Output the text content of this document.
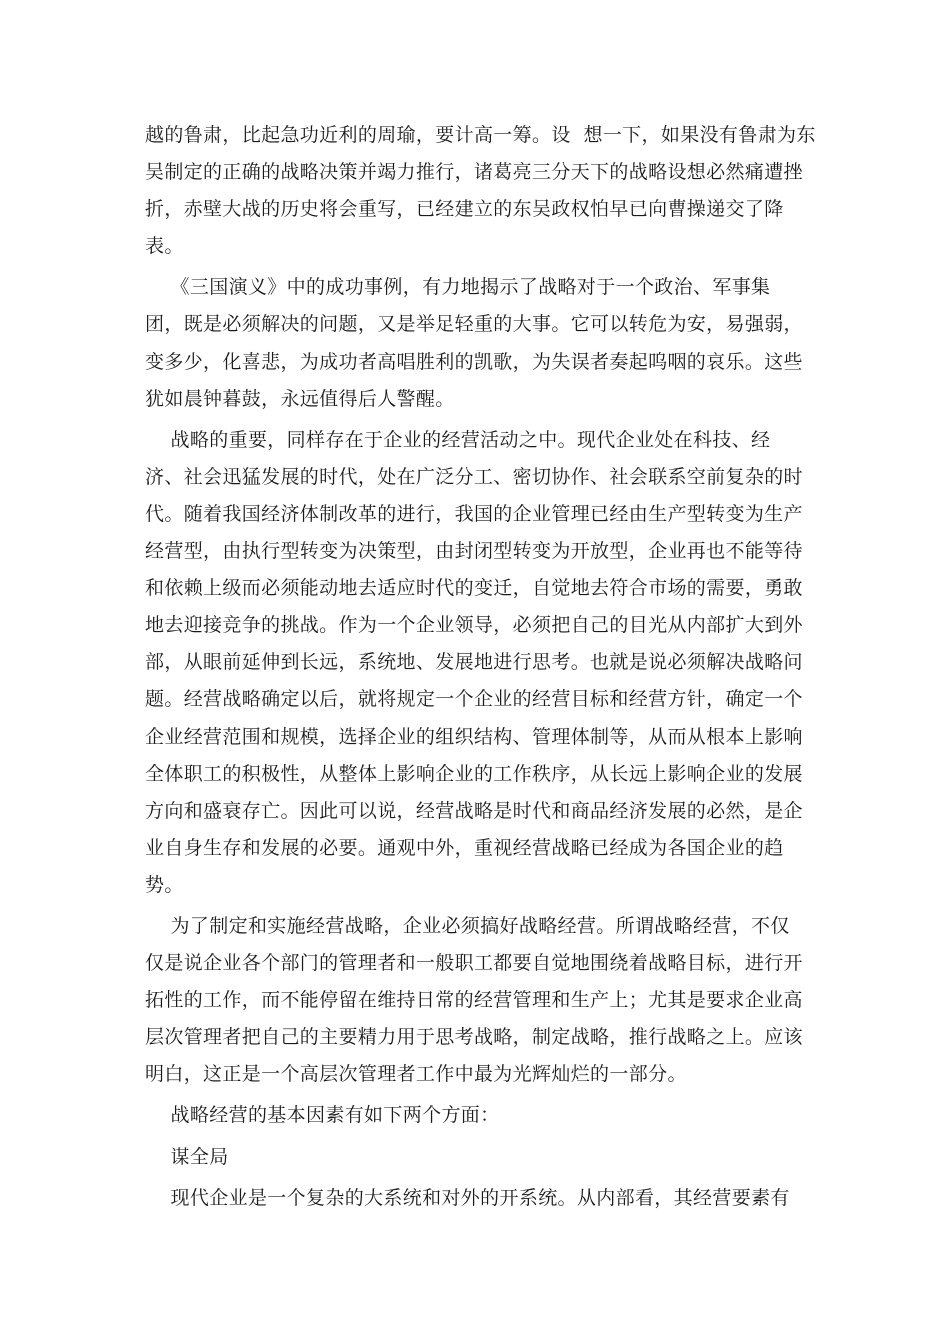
越的鲁肃，比起急功近利的周瑜，要计高一筹。设  想一下，如果没有鲁肃为东
吴制定的正确的战略决策并竭力推行，诸葛亮三分天下的战略设想必然痛遭挫
折，赤壁大战的历史将会重写，已经建立的东吴政权怕早已向曹操递交了降
表。
《三国演义》中的成功事例，有力地揭示了战略对于一个政治、军事集
团，既是必须解决的问题，又是举足轻重的大事。它可以转危为安，易强弱，
变多少，化喜悲，为成功者高唱胜利的凯歌，为失误者奏起呜咽的哀乐。这些
犹如晨钟暮鼓，永远值得后人警醒。
战略的重要，同样存在于企业的经营活动之中。现代企业处在科技、经
济、社会迅猛发展的时代，处在广泛分工、密切协作、社会联系空前复杂的时
代。随着我国经济体制改革的进行，我国的企业管理已经由生产型转变为生产
经营型，由执行型转变为决策型，由封闭型转变为开放型，企业再也不能等待
和依赖上级而必须能动地去适应时代的变迁，自觉地去符合市场的需要，勇敢
地去迎接竞争的挑战。作为一个企业领导，必须把自己的目光从内部扩大到外
部，从眼前延伸到长远，系统地、发展地进行思考。也就是说必须解决战略问
题。经营战略确定以后，就将规定一个企业的经营目标和经营方针，确定一个
企业经营范围和规模，选择企业的组织结构、管理体制等，从而从根本上影响
全体职工的积极性，从整体上影响企业的工作秩序，从长远上影响企业的发展
方向和盛衰存亡。因此可以说，经营战略是时代和商品经济发展的必然，是企
业自身生存和发展的必要。通观中外，重视经营战略已经成为各国企业的趋
势。
为了制定和实施经营战略，企业必须搞好战略经营。所谓战略经营，不仅
仅是说企业各个部门的管理者和一般职工都要自觉地围绕着战略目标，进行开
拓性的工作，而不能停留在维持日常的经营管理和生产上；尤其是要求企业高
层次管理者把自己的主要精力用于思考战略，制定战略，推行战略之上。应该
明白，这正是一个高层次管理者工作中最为光辉灿烂的一部分。
战略经营的基本因素有如下两个方面：
谋全局
现代企业是一个复杂的大系统和对外的开系统。从内部看，其经营要素有
